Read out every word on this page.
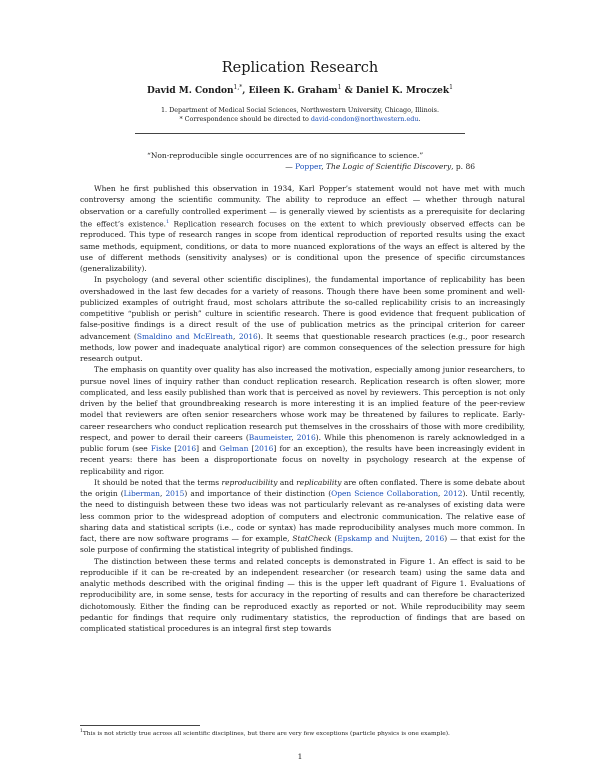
Replication Research
David M. Condon$^{1,*}$, Eileen K. Graham$^1$ & Daniel K. Mroczek$^1$
1. Department of Medical Social Sciences, Northwestern University, Chicago, Illinois.
* Correspondence should be directed to david-condon@northwestern.edu.
“Non-reproducible single occurrences are of no significance to science.”
— Popper, The Logic of Scientific Discovery, p. 86

When he first published this observation in 1934, Karl Popper’s statement would not have met with much controversy among the scientific community. The ability to reproduce an effect — whether through natural observation or a carefully controlled experiment — is generally viewed by scientists as a prerequisite for declaring the effect’s existence.$^1$ Replication research focuses on the extent to which previously observed effects can be reproduced. This type of research ranges in scope from identical reproduction of reported results using the exact same methods, equipment, conditions, or data to more nuanced explorations of the ways an effect is altered by the use of different methods (sensitivity analyses) or is conditional upon the presence of specific circumstances (generalizability).

In psychology (and several other scientific disciplines), the fundamental importance of replicability has been overshadowed in the last few decades for a variety of reasons. Though there have been some prominent and well-publicized examples of outright fraud, most scholars attribute the so-called replicability crisis to an increasingly competitive “publish or perish” culture in scientific research. There is good evidence that frequent publication of false-positive findings is a direct result of the use of publication metrics as the principal criterion for career advancement (Smaldino and McElreath, 2016). It seems that questionable research practices (e.g., poor research methods, low power and inadequate analytical rigor) are common consequences of the selection pressure for high research output.

The emphasis on quantity over quality has also increased the motivation, especially among junior researchers, to pursue novel lines of inquiry rather than conduct replication research. Replication research is often slower, more complicated, and less easily published than work that is perceived as novel by reviewers. This perception is not only driven by the belief that groundbreaking research is more interesting it is an implied feature of the peer-review model that reviewers are often senior researchers whose work may be threatened by failures to replicate. Early-career researchers who conduct replication research put themselves in the crosshairs of those with more credibility, respect, and power to derail their careers (Baumeister, 2016). While this phenomenon is rarely acknowledged in a public forum (see Fiske [2016] and Gelman [2016] for an exception), the results have been increasingly evident in recent years: there has been a disproportionate focus on novelty in psychology research at the expense of replicability and rigor.

It should be noted that the terms reproducibility and replicability are often conflated. There is some debate about the origin (Liberman, 2015) and importance of their distinction (Open Science Collaboration, 2012). Until recently, the need to distinguish between these two ideas was not particularly relevant as re-analyses of existing data were less common prior to the widespread adoption of computers and electronic communication. The relative ease of sharing data and statistical scripts (i.e., code or syntax) has made reproducibility analyses much more common. In fact, there are now software programs — for example, StatCheck (Epskamp and Nuijten, 2016) — that exist for the sole purpose of confirming the statistical integrity of published findings.

The distinction between these terms and related concepts is demonstrated in Figure 1. An effect is said to be reproducible if it can be re-created by an independent researcher (or research team) using the same data and analytic methods described with the original finding — this is the upper left quadrant of Figure 1. Evaluations of reproducibility are, in some sense, tests for accuracy in the reporting of results and can therefore be characterized dichotomously. Either the finding can be reproduced exactly as reported or not. While reproducibility may seem pedantic for findings that require only rudimentary statistics, the reproduction of findings that are based on complicated statistical procedures is an integral first step towards

$^1$This is not strictly true across all scientific disciplines, but there are very few exceptions (particle physics is one example).
1
